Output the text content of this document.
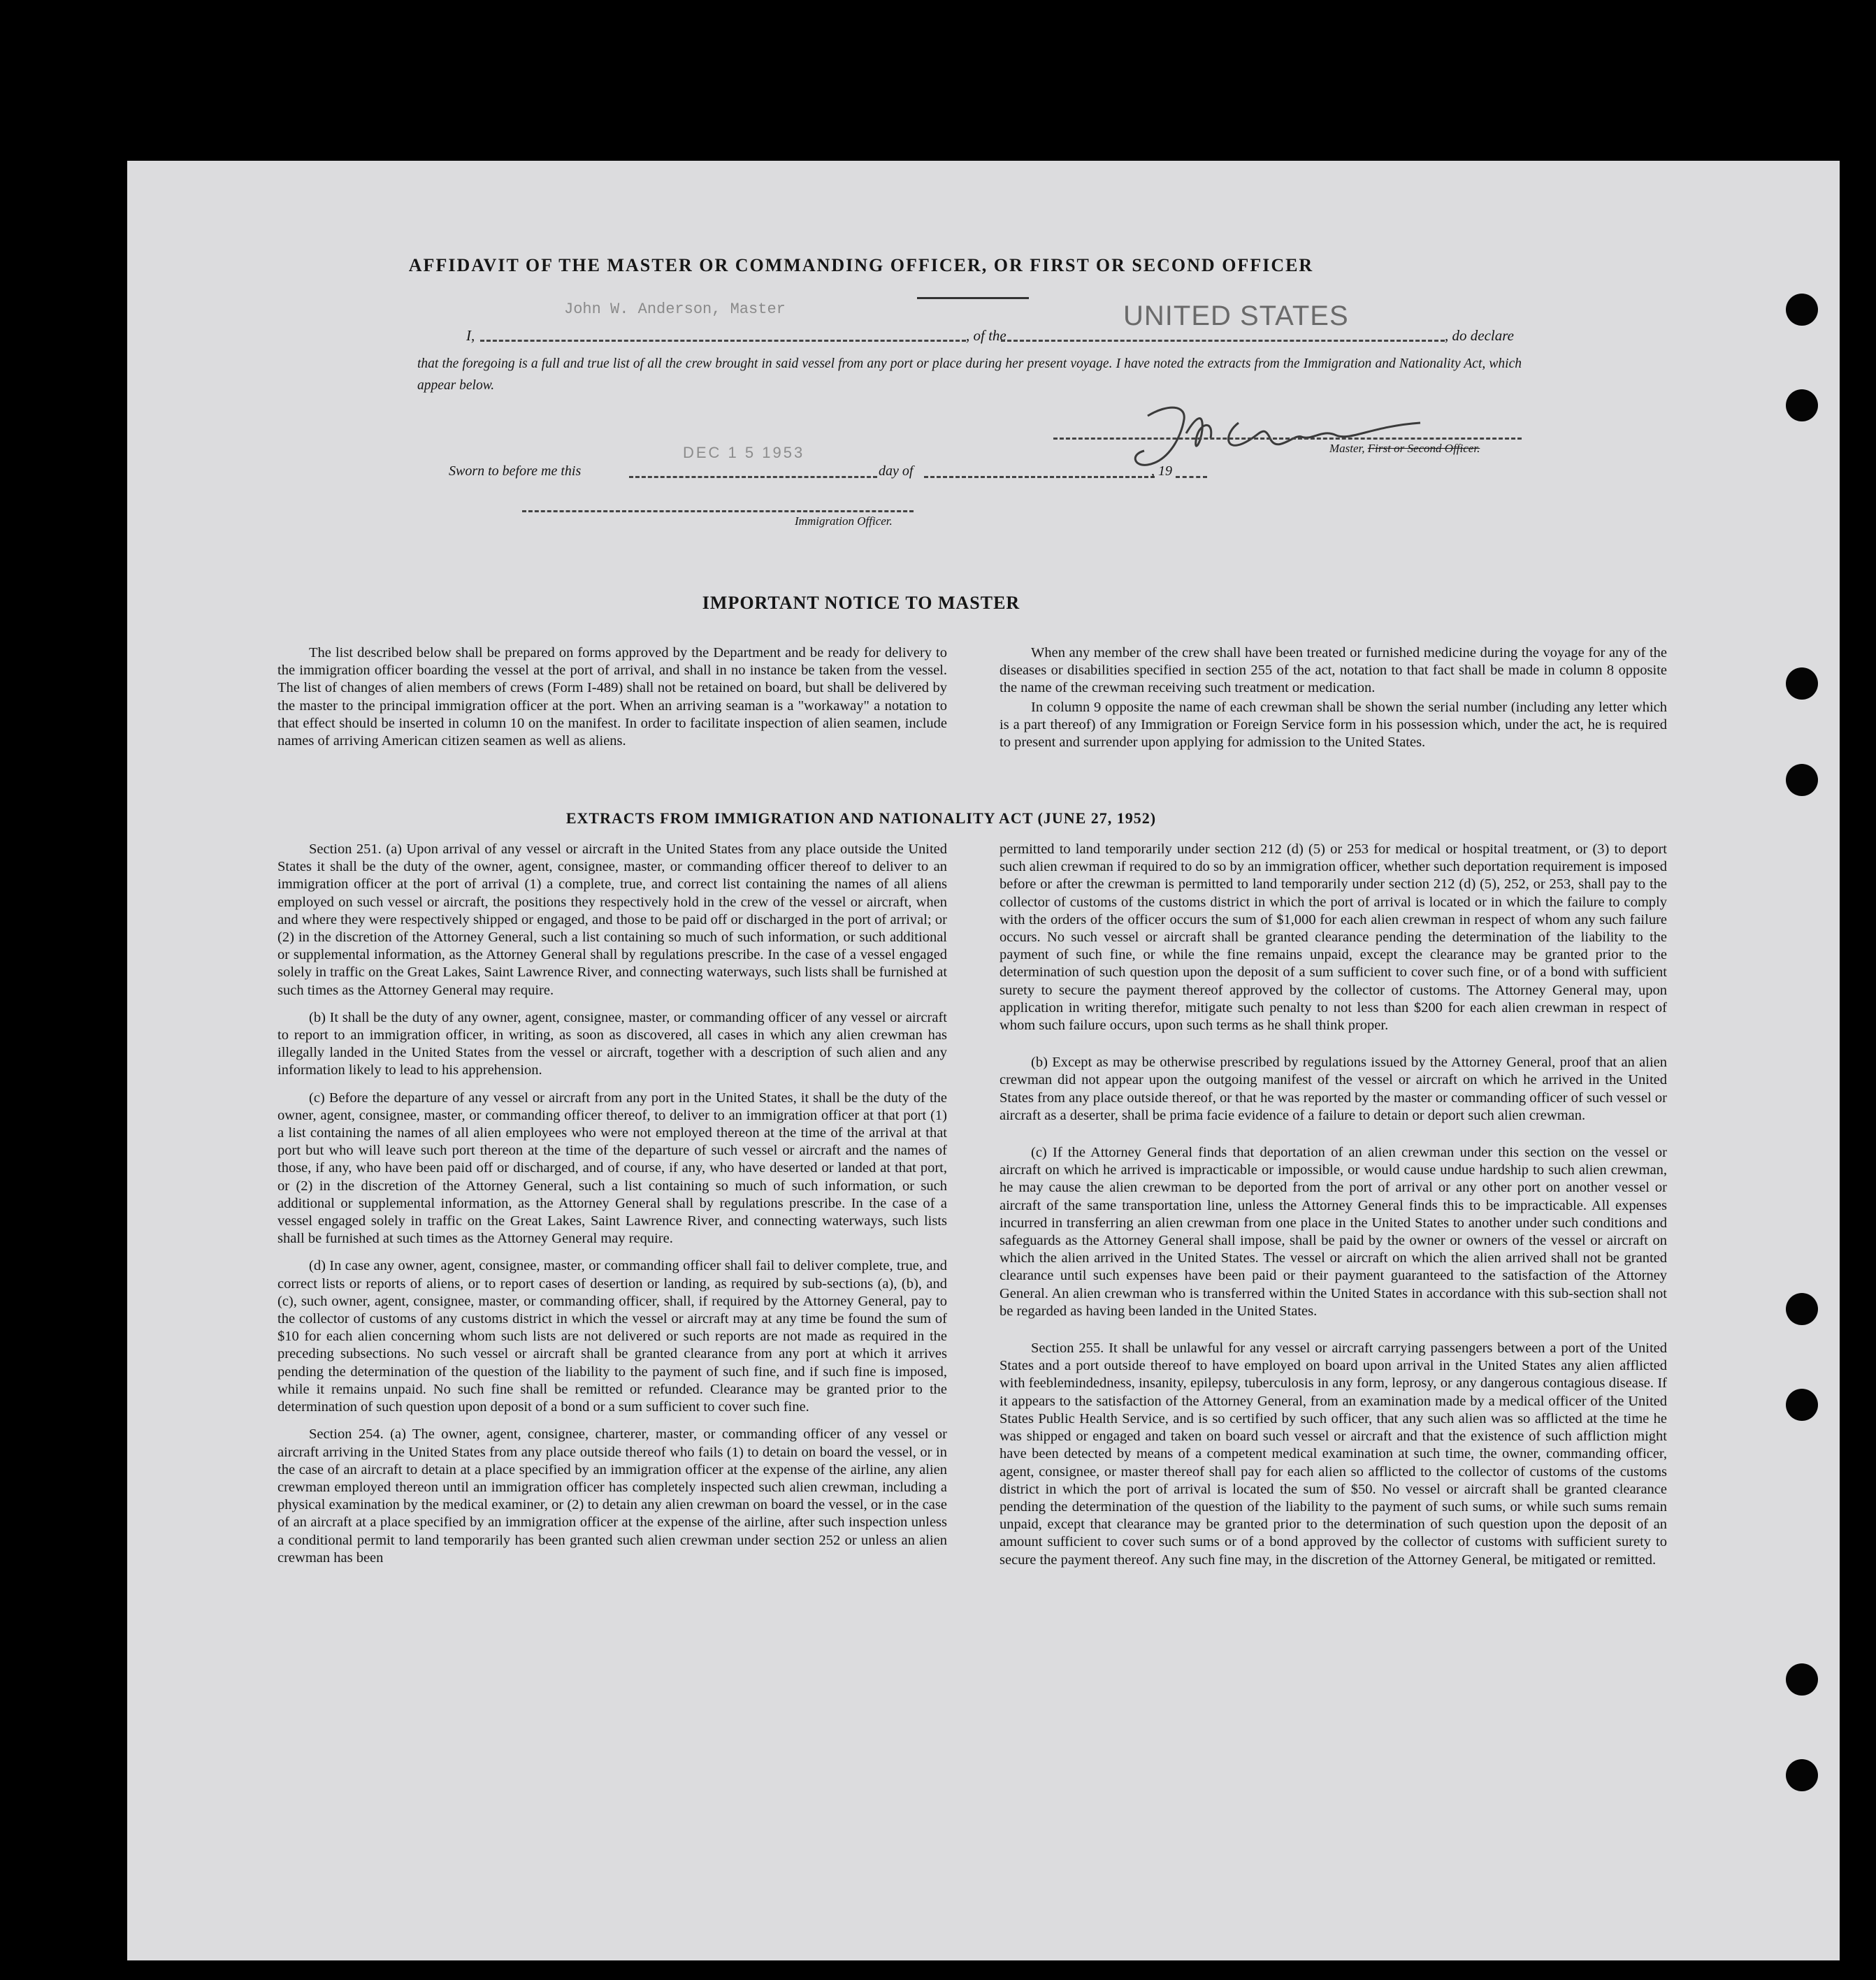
AFFIDAVIT OF THE MASTER OR COMMANDING OFFICER, OR FIRST OR SECOND OFFICER
John W. Anderson, Master	UNITED STATES
I,	, of the	, do declare
that the foregoing is a full and true list of all the crew brought in said vessel from any port or place during her present voyage. I have noted the extracts from the Immigration and Nationality Act, which appear below.
Master, First or Second Officer.
DEC 1 5 1953
Sworn to before me this	day of	, 19
Immigration Officer.
IMPORTANT NOTICE TO MASTER

The list described below shall be prepared on forms approved by the Department and be ready for delivery to the immigration officer boarding the vessel at the port of arrival, and shall in no instance be taken from the vessel. The list of changes of alien members of crews (Form I-489) shall not be retained on board, but shall be delivered by the master to the principal immigration officer at the port. When an arriving seaman is a "workaway" a notation to that effect should be inserted in column 10 on the manifest. In order to facilitate inspection of alien seamen, include names of arriving American citizen seamen as well as aliens.

When any member of the crew shall have been treated or furnished medicine during the voyage for any of the diseases or disabilities specified in section 255 of the act, notation to that fact shall be made in column 8 opposite the name of the crewman receiving such treatment or medication.

In column 9 opposite the name of each crewman shall be shown the serial number (including any letter which is a part thereof) of any Immigration or Foreign Service form in his possession which, under the act, he is required to present and surrender upon applying for admission to the United States.

EXTRACTS FROM IMMIGRATION AND NATIONALITY ACT (JUNE 27, 1952)

Section 251. (a) Upon arrival of any vessel or aircraft in the United States from any place outside the United States it shall be the duty of the owner, agent, consignee, master, or commanding officer thereof to deliver to an immigration officer at the port of arrival (1) a complete, true, and correct list containing the names of all aliens employed on such vessel or aircraft, the positions they respectively hold in the crew of the vessel or aircraft, when and where they were respectively shipped or engaged, and those to be paid off or discharged in the port of arrival; or (2) in the discretion of the Attorney General, such a list containing so much of such information, or such additional or supplemental information, as the Attorney General shall by regulations prescribe. In the case of a vessel engaged solely in traffic on the Great Lakes, Saint Lawrence River, and connecting waterways, such lists shall be furnished at such times as the Attorney General may require.

(b) It shall be the duty of any owner, agent, consignee, master, or commanding officer of any vessel or aircraft to report to an immigration officer, in writing, as soon as discovered, all cases in which any alien crewman has illegally landed in the United States from the vessel or aircraft, together with a description of such alien and any information likely to lead to his apprehension.

(c) Before the departure of any vessel or aircraft from any port in the United States, it shall be the duty of the owner, agent, consignee, master, or commanding officer thereof, to deliver to an immigration officer at that port (1) a list containing the names of all alien employees who were not employed thereon at the time of the arrival at that port but who will leave such port thereon at the time of the departure of such vessel or aircraft and the names of those, if any, who have been paid off or discharged, and of course, if any, who have deserted or landed at that port, or (2) in the discretion of the Attorney General, such a list containing so much of such information, or such additional or supplemental information, as the Attorney General shall by regulations prescribe. In the case of a vessel engaged solely in traffic on the Great Lakes, Saint Lawrence River, and connecting waterways, such lists shall be furnished at such times as the Attorney General may require.

(d) In case any owner, agent, consignee, master, or commanding officer shall fail to deliver complete, true, and correct lists or reports of aliens, or to report cases of desertion or landing, as required by sub-sections (a), (b), and (c), such owner, agent, consignee, master, or commanding officer, shall, if required by the Attorney General, pay to the collector of customs of any customs district in which the vessel or aircraft may at any time be found the sum of $10 for each alien concerning whom such lists are not delivered or such reports are not made as required in the preceding subsections. No such vessel or aircraft shall be granted clearance from any port at which it arrives pending the determination of the question of the liability to the payment of such fine, and if such fine is imposed, while it remains unpaid. No such fine shall be remitted or refunded. Clearance may be granted prior to the determination of such question upon deposit of a bond or a sum sufficient to cover such fine.

Section 254. (a) The owner, agent, consignee, charterer, master, or commanding officer of any vessel or aircraft arriving in the United States from any place outside thereof who fails (1) to detain on board the vessel, or in the case of an aircraft to detain at a place specified by an immigration officer at the expense of the airline, any alien crewman employed thereon until an immigration officer has completely inspected such alien crewman, including a physical examination by the medical examiner, or (2) to detain any alien crewman on board the vessel, or in the case of an aircraft at a place specified by an immigration officer at the expense of the airline, after such inspection unless a conditional permit to land temporarily has been granted such alien crewman under section 252 or unless an alien crewman has been

permitted to land temporarily under section 212 (d) (5) or 253 for medical or hospital treatment, or (3) to deport such alien crewman if required to do so by an immigration officer, whether such deportation requirement is imposed before or after the crewman is permitted to land temporarily under section 212 (d) (5), 252, or 253, shall pay to the collector of customs of the customs district in which the port of arrival is located or in which the failure to comply with the orders of the officer occurs the sum of $1,000 for each alien crewman in respect of whom any such failure occurs. No such vessel or aircraft shall be granted clearance pending the determination of the liability to the payment of such fine, or while the fine remains unpaid, except the clearance may be granted prior to the determination of such question upon the deposit of a sum sufficient to cover such fine, or of a bond with sufficient surety to secure the payment thereof approved by the collector of customs. The Attorney General may, upon application in writing therefor, mitigate such penalty to not less than $200 for each alien crewman in respect of whom such failure occurs, upon such terms as he shall think proper.

(b) Except as may be otherwise prescribed by regulations issued by the Attorney General, proof that an alien crewman did not appear upon the outgoing manifest of the vessel or aircraft on which he arrived in the United States from any place outside thereof, or that he was reported by the master or commanding officer of such vessel or aircraft as a deserter, shall be prima facie evidence of a failure to detain or deport such alien crewman.

(c) If the Attorney General finds that deportation of an alien crewman under this section on the vessel or aircraft on which he arrived is impracticable or impossible, or would cause undue hardship to such alien crewman, he may cause the alien crewman to be deported from the port of arrival or any other port on another vessel or aircraft of the same transportation line, unless the Attorney General finds this to be impracticable. All expenses incurred in transferring an alien crewman from one place in the United States to another under such conditions and safeguards as the Attorney General shall impose, shall be paid by the owner or owners of the vessel or aircraft on which the alien arrived in the United States. The vessel or aircraft on which the alien arrived shall not be granted clearance until such expenses have been paid or their payment guaranteed to the satisfaction of the Attorney General. An alien crewman who is transferred within the United States in accordance with this sub-section shall not be regarded as having been landed in the United States.

Section 255. It shall be unlawful for any vessel or aircraft carrying passengers between a port of the United States and a port outside thereof to have employed on board upon arrival in the United States any alien afflicted with feeblemindedness, insanity, epilepsy, tuberculosis in any form, leprosy, or any dangerous contagious disease. If it appears to the satisfaction of the Attorney General, from an examination made by a medical officer of the United States Public Health Service, and is so certified by such officer, that any such alien was so afflicted at the time he was shipped or engaged and taken on board such vessel or aircraft and that the existence of such affliction might have been detected by means of a competent medical examination at such time, the owner, commanding officer, agent, consignee, or master thereof shall pay for each alien so afflicted to the collector of customs of the customs district in which the port of arrival is located the sum of $50. No vessel or aircraft shall be granted clearance pending the determination of the question of the liability to the payment of such sums, or while such sums remain unpaid, except that clearance may be granted prior to the determination of such question upon the deposit of an amount sufficient to cover such sums or of a bond approved by the collector of customs with sufficient surety to secure the payment thereof. Any such fine may, in the discretion of the Attorney General, be mitigated or remitted.
